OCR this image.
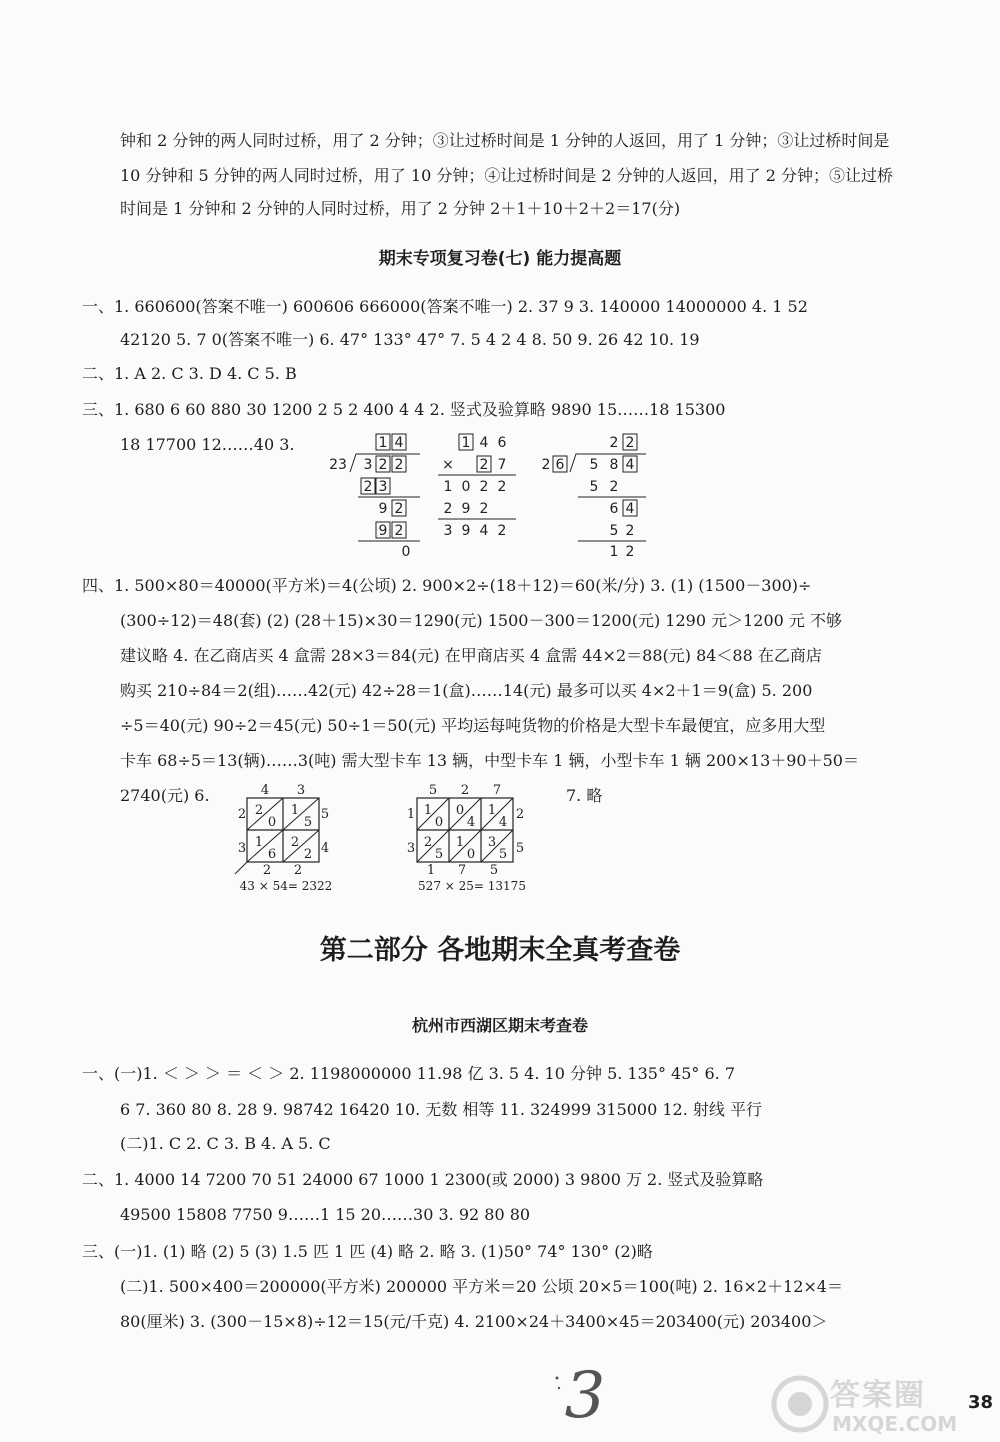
钟和 2 分钟的两人同时过桥，用了 2 分钟；③让过桥时间是 1 分钟的人返回，用了 1 分钟；③让过桥时间是
10 分钟和 5 分钟的两人同时过桥，用了 10 分钟；④让过桥时间是 2 分钟的人返回，用了 2 分钟；⑤让过桥
时间是 1 分钟和 2 分钟的人同时过桥，用了 2 分钟 2＋1＋10＋2＋2＝17(分)
期末专项复习卷(七) 能力提高题
一、1. 660600(答案不唯一) 600606 666000(答案不唯一) 2. 37 9 3. 140000 14000000 4. 1 52
42120 5. 7 0(答案不唯一) 6. 47° 133° 47° 7. 5 4 2 4 8. 50 9. 26 42 10. 19
二、1. A 2. C 3. D 4. C 5. B
三、1. 680 6 60 880 30 1200 2 5 2 400 4 4 2. 竖式及验算略 9890 15……18 15300
18 17700 12……40 3.	1 4
23 3 2 2
2 3
9 2
9 2
0
1 4 6
× 2 7
1 0 2 2
2 9 2
3 9 4 2
2 2
2 6 5 8 4
5 2
6 4
5 2
1 2
四、1. 500×80＝40000(平方米)＝4(公顷) 2. 900×2÷(18＋12)＝60(米/分) 3. (1) (1500－300)÷
(300÷12)＝48(套) (2) (28＋15)×30＝1290(元) 1500－300＝1200(元) 1290 元＞1200 元 不够
建议略 4. 在乙商店买 4 盒需 28×3＝84(元) 在甲商店买 4 盒需 44×2＝88(元) 84＜88 在乙商店
购买 210÷84＝2(组)……42(元) 42÷28＝1(盒)……14(元) 最多可以买 4×2＋1＝9(盒) 5. 200
÷5＝40(元) 90÷2＝45(元) 50÷1＝50(元) 平均运每吨货物的价格是大型卡车最便宜，应多用大型
卡车 68÷5＝13(辆)……3(吨) 需大型卡车 13 辆，中型卡车 1 辆，小型卡车 1 辆 200×13＋90＋50＝
2740(元) 6.	4 3
2
0
1
5
1
6
2
2
2
3
5
4
2 2
43 × 54= 2322
5 2 7
1
0
0
4
1
4
2
5
1
0
3
5
1
3
2
5
1 7 5
527 × 25= 13175
7. 略
第二部分 各地期末全真考查卷
杭州市西湖区期末考查卷
一、(一)1. ＜ ＞ ＞ ＝ ＜ ＞ 2. 1198000000 11.98 亿 3. 5 4. 10 分钟 5. 135° 45° 6. 7
6 7. 360 80 8. 28 9. 98742 16420 10. 无数 相等 11. 324999 315000 12. 射线 平行
(二)1. C 2. C 3. B 4. A 5. C
二、1. 4000 14 7200 70 51 24000 67 1000 1 2300(或 2000) 3 9800 万 2. 竖式及验算略
49500 15808 7750 9……1 15 20……30 3. 92 80 80
三、(一)1. (1) 略 (2) 5 (3) 1.5 匹 1 匹 (4) 略 2. 略 3. (1)50° 74° 130° (2)略
(二)1. 500×400＝200000(平方米) 200000 平方米＝20 公顷 20×5＝100(吨) 2. 16×2＋12×4＝
80(厘米) 3. (300－15×8)÷12＝15(元/千克) 4. 2100×24＋3400×45＝203400(元) 203400＞
3	答案圈
MXQE.COM
38
